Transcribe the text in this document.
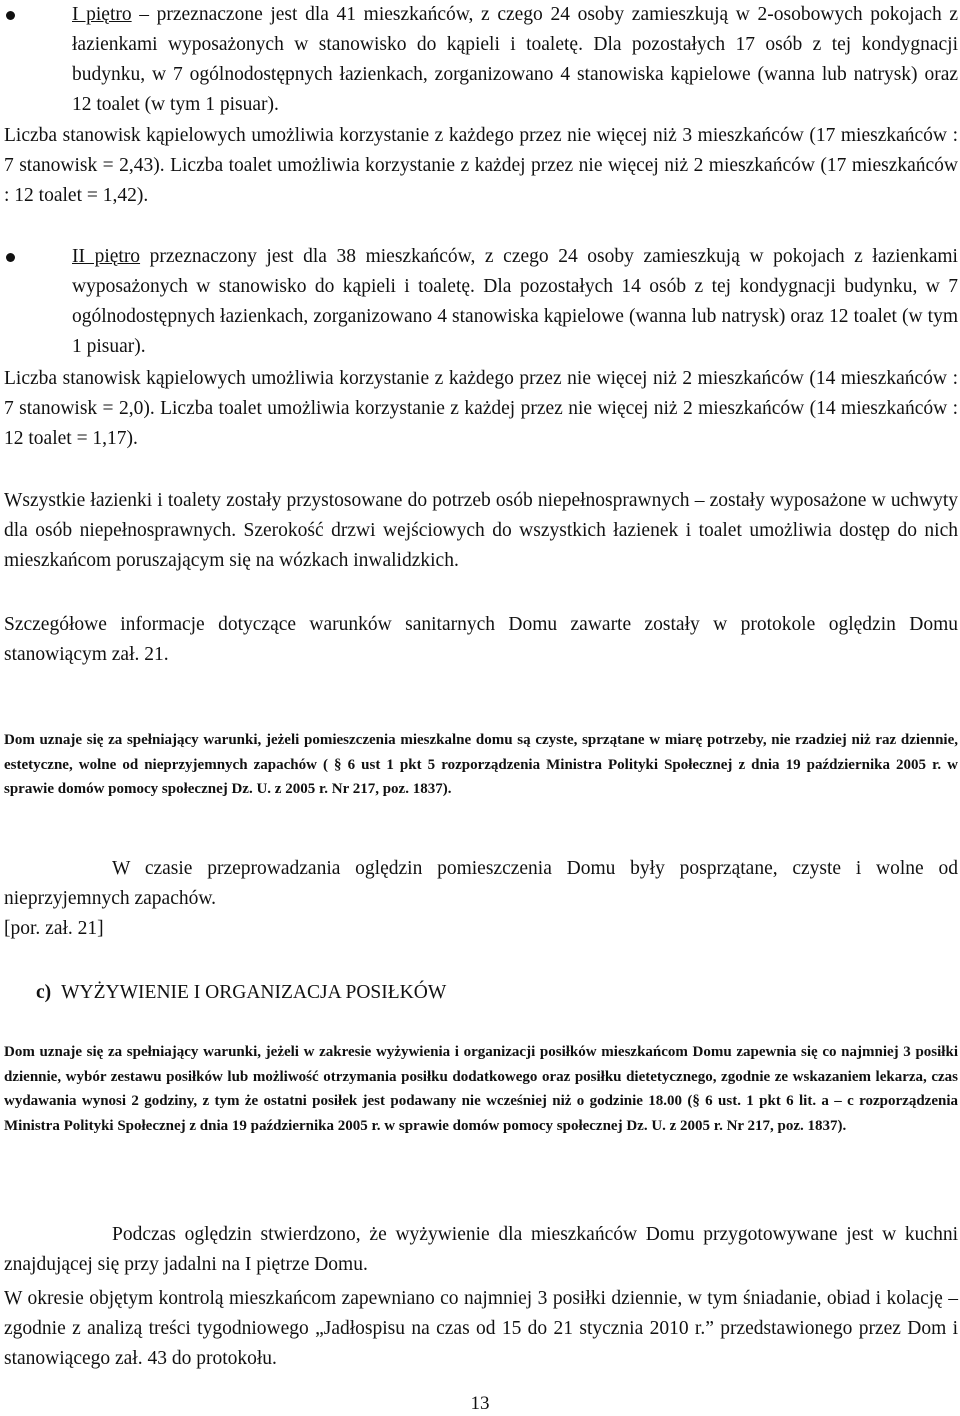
I piętro – przeznaczone jest dla 41 mieszkańców, z czego 24 osoby zamieszkują w 2-osobowych pokojach z łazienkami wyposażonych w stanowisko do kąpieli i toaletę. Dla pozostałych 17 osób z tej kondygnacji budynku, w 7 ogólnodostępnych łazienkach, zorganizowano 4 stanowiska kąpielowe (wanna lub natrysk) oraz 12 toalet (w tym 1 pisuar).

Liczba stanowisk kąpielowych umożliwia korzystanie z każdego przez nie więcej niż 3 mieszkańców (17 mieszkańców : 7 stanowisk = 2,43). Liczba toalet umożliwia korzystanie z każdej przez nie więcej niż 2 mieszkańców (17 mieszkańców : 12 toalet = 1,42).

II piętro przeznaczony jest dla 38 mieszkańców, z czego 24 osoby zamieszkują w pokojach z łazienkami wyposażonych w stanowisko do kąpieli i toaletę. Dla pozostałych 14 osób z tej kondygnacji budynku, w 7 ogólnodostępnych łazienkach, zorganizowano 4 stanowiska kąpielowe (wanna lub natrysk) oraz 12 toalet (w tym 1 pisuar).

Liczba stanowisk kąpielowych umożliwia korzystanie z każdego przez nie więcej niż 2 mieszkańców (14 mieszkańców : 7 stanowisk = 2,0). Liczba toalet umożliwia korzystanie z każdej przez nie więcej niż 2 mieszkańców (14 mieszkańców : 12 toalet = 1,17).

Wszystkie łazienki i toalety zostały przystosowane do potrzeb osób niepełnosprawnych – zostały wyposażone w uchwyty dla osób niepełnosprawnych. Szerokość drzwi wejściowych do wszystkich łazienek i toalet umożliwia dostęp do nich mieszkańcom poruszającym się na wózkach inwalidzkich.

Szczegółowe informacje dotyczące warunków sanitarnych Domu zawarte zostały w protokole oględzin Domu stanowiącym zał. 21.

Dom uznaje się za spełniający warunki, jeżeli pomieszczenia mieszkalne domu są czyste, sprzątane w miarę potrzeby, nie rzadziej niż raz dziennie, estetyczne, wolne od nieprzyjemnych zapachów ( § 6 ust 1 pkt 5 rozporządzenia Ministra Polityki Społecznej z dnia 19 października 2005 r. w sprawie domów pomocy społecznej Dz. U. z 2005 r. Nr 217, poz. 1837).

W czasie przeprowadzania oględzin pomieszczenia Domu były posprzątane, czyste i wolne od nieprzyjemnych zapachów.

[por. zał. 21]

c) WYŻYWIENIE I ORGANIZACJA POSIŁKÓW

Dom uznaje się za spełniający warunki, jeżeli w zakresie wyżywienia i organizacji posiłków mieszkańcom Domu zapewnia się co najmniej 3 posiłki dziennie, wybór zestawu posiłków lub możliwość otrzymania posiłku dodatkowego oraz posiłku dietetycznego, zgodnie ze wskazaniem lekarza, czas wydawania wynosi 2 godziny, z tym że ostatni posiłek jest podawany nie wcześniej niż o godzinie 18.00 (§ 6 ust. 1 pkt 6 lit. a – c rozporządzenia Ministra Polityki Społecznej z dnia 19 października 2005 r. w sprawie domów pomocy społecznej Dz. U. z 2005 r. Nr 217, poz. 1837).

Podczas oględzin stwierdzono, że wyżywienie dla mieszkańców Domu przygotowywane jest w kuchni znajdującej się przy jadalni na I piętrze Domu.

W okresie objętym kontrolą mieszkańcom zapewniano co najmniej 3 posiłki dziennie, w tym śniadanie, obiad i kolację – zgodnie z analizą treści tygodniowego „Jadłospisu na czas od 15 do 21 stycznia 2010 r.” przedstawionego przez Dom i stanowiącego zał. 43 do protokołu.

13
